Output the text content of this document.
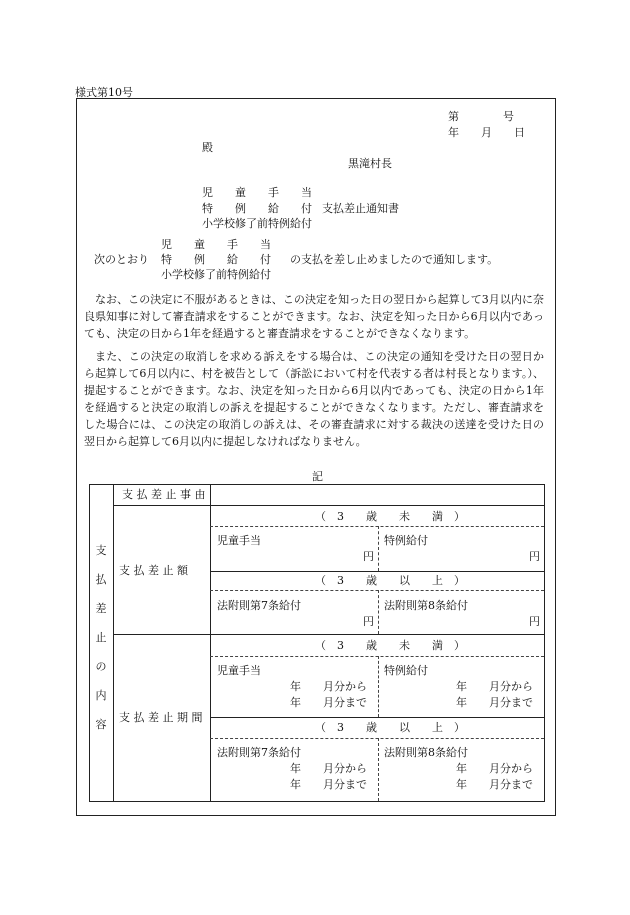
様式第10号
第　　　　号
年　　月　　日
殿
黒滝村長
児　　童　　手　　当
特　　例　　給　　付 支払差止通知書
小学校修了前特例給付
児　　童　　手　　当
次のとおり 特　　例　　給　　付 の支払を差し止めましたので通知します。
小学校修了前特例給付

なお、この決定に不服があるときは、この決定を知った日の翌日から起算して3月以内に奈良県知事に対して審査請求をすることができます。なお、決定を知った日から6月以内であっても、決定の日から1年を経過すると審査請求をすることができなくなります。

また、この決定の取消しを求める訴えをする場合は、この決定の通知を受けた日の翌日から起算して6月以内に、村を被告として（訴訟において村を代表する者は村長となります。）、提起することができます。なお、決定を知った日から6月以内であっても、決定の日から1年を経過すると決定の取消しの訴えを提起することができなくなります。ただし、審査請求をした場合には、この決定の取消しの訴えは、その審査請求に対する裁決の送達を受けた日の翌日から起算して6月以内に提起しなければなりません。

記
支
払
差
止
の
内
容
支 払 差 止 事 由
支 払 差 止 額
支 払 差 止 期 間
（　3　　歳　　未　　満　）
児童手当
円
特例給付
円
（　3　　歳　　以　　上　）
法附則第7条給付
円
法附則第8条給付
円
（　3　　歳　　未　　満　）
児童手当
年　　月分から
年　　月分まで
特例給付
年　　月分から
年　　月分まで
（　3　　歳　　以　　上　）
法附則第7条給付
年　　月分から
年　　月分まで
法附則第8条給付
年　　月分から
年　　月分まで
